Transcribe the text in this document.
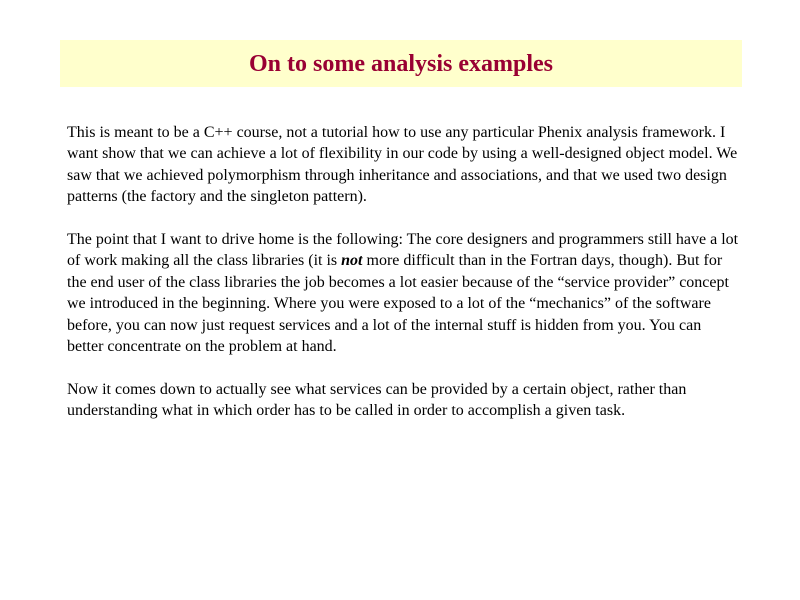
On to some analysis examples

This is meant to be a C++ course, not a tutorial how to use any particular Phenix analysis framework. I want show that we can achieve a lot of flexibility in our code by using a well-designed object model. We saw that we achieved polymorphism through inheritance and associations, and that we used two design patterns (the factory and the singleton pattern).

The point that I want to drive home is the following: The core designers and programmers still have a lot of work making all the class libraries (it is not more difficult than in the Fortran days, though). But for the end user of the class libraries the job becomes a lot easier because of the “service provider” concept we introduced in the beginning. Where you were exposed to a lot of the “mechanics” of the software before, you can now just request services and a lot of the internal stuff is hidden from you. You can better concentrate on the problem at hand.

Now it comes down to actually see what services can be provided by a certain object, rather than understanding what in which order has to be called in order to accomplish a given task.
